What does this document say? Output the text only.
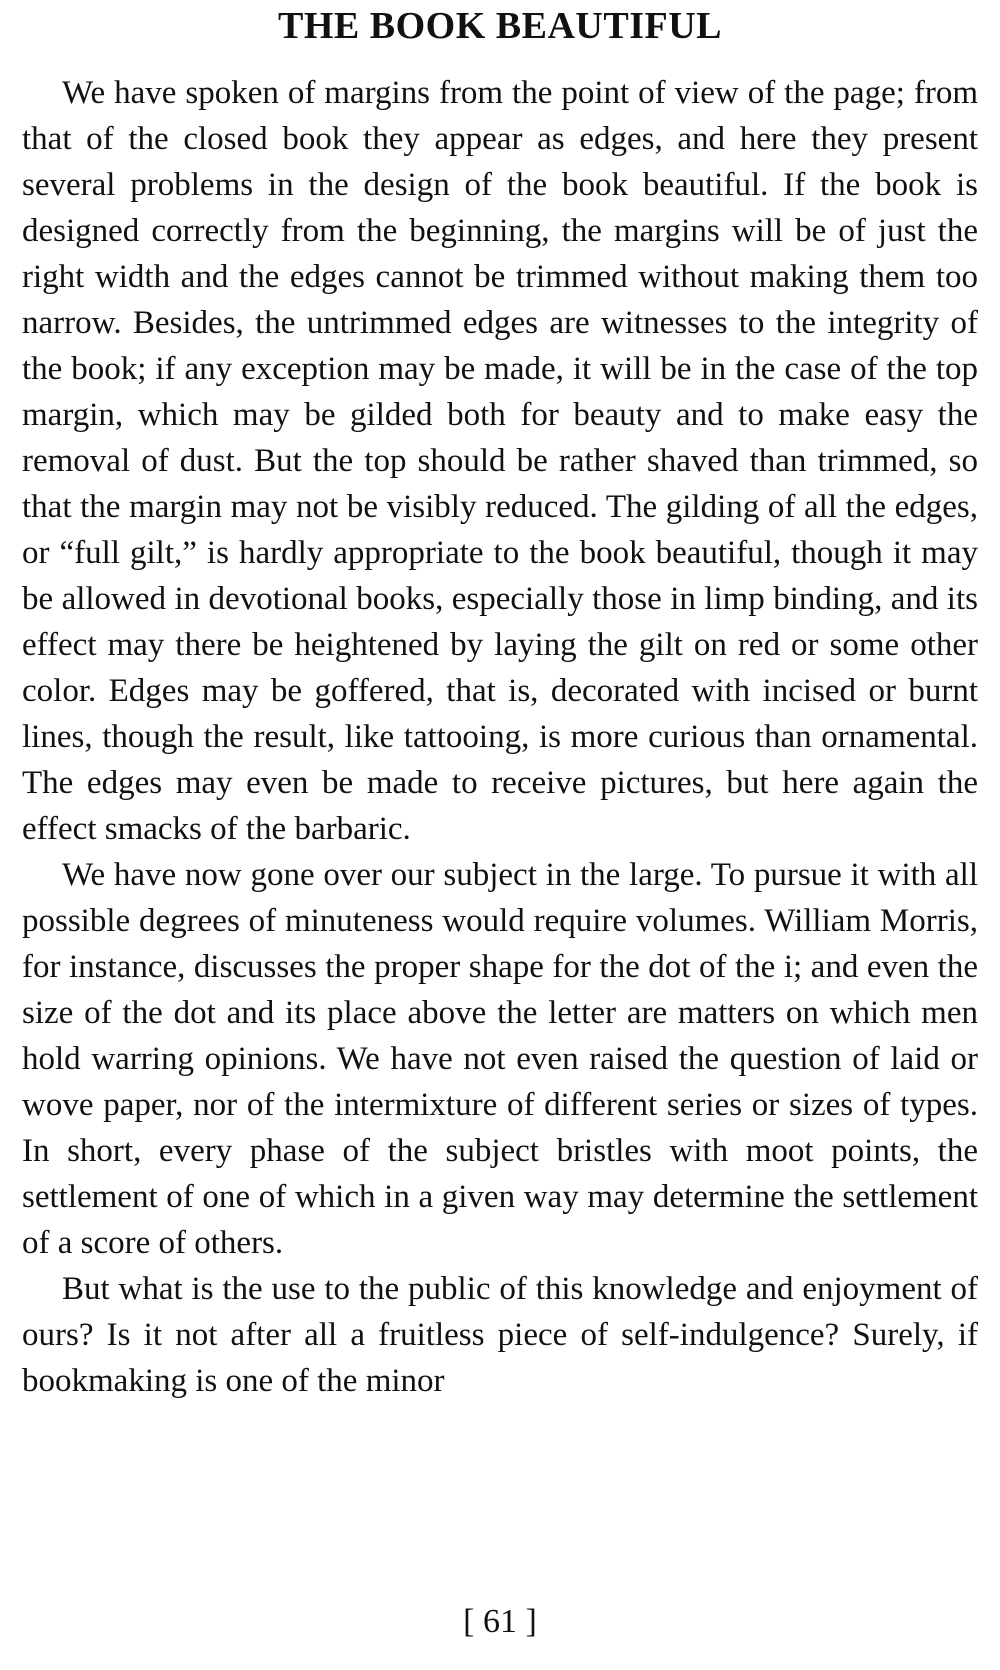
THE BOOK BEAUTIFUL

We have spoken of margins from the point of view of the page; from that of the closed book they appear as edges, and here they present several problems in the design of the book beautiful. If the book is designed correctly from the beginning, the margins will be of just the right width and the edges cannot be trimmed without making them too narrow. Besides, the untrimmed edges are witnesses to the integrity of the book; if any exception may be made, it will be in the case of the top margin, which may be gilded both for beauty and to make easy the removal of dust. But the top should be rather shaved than trimmed, so that the margin may not be visibly reduced. The gilding of all the edges, or “full gilt,” is hardly appropriate to the book beautiful, though it may be allowed in devotional books, especially those in limp binding, and its effect may there be heightened by laying the gilt on red or some other color. Edges may be goffered, that is, decorated with incised or burnt lines, though the result, like tattooing, is more curious than ornamental. The edges may even be made to receive pictures, but here again the effect smacks of the barbaric.

We have now gone over our subject in the large. To pursue it with all possible degrees of minuteness would require volumes. William Morris, for instance, discusses the proper shape for the dot of the i; and even the size of the dot and its place above the letter are matters on which men hold warring opinions. We have not even raised the question of laid or wove paper, nor of the intermixture of different series or sizes of types. In short, every phase of the subject bristles with moot points, the settlement of one of which in a given way may determine the settlement of a score of others.

But what is the use to the public of this knowledge and enjoyment of ours? Is it not after all a fruitless piece of self-indulgence? Surely, if bookmaking is one of the minor

[ 61 ]
